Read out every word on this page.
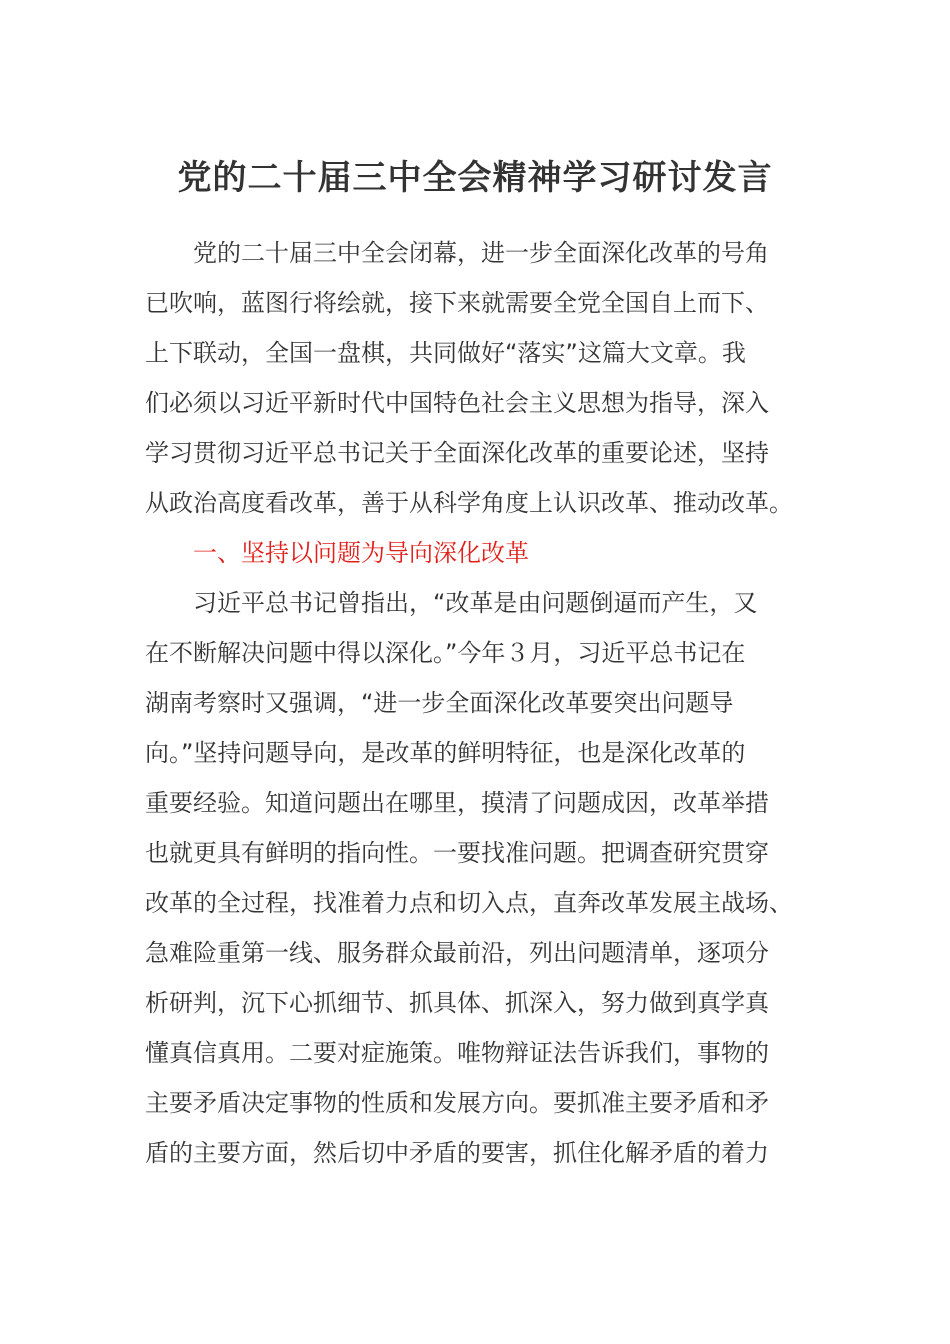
党的二十届三中全会精神学习研讨发言

党的二十届三中全会闭幕，进一步全面深化改革的号角

已吹响，蓝图行将绘就，接下来就需要全党全国自上而下、

上下联动，全国一盘棋，共同做好“落实”这篇大文章。我

们必须以习近平新时代中国特色社会主义思想为指导，深入

学习贯彻习近平总书记关于全面深化改革的重要论述，坚持

从政治高度看改革，善于从科学角度上认识改革、推动改革。

一、坚持以问题为导向深化改革

习近平总书记曾指出，“改革是由问题倒逼而产生，又

在不断解决问题中得以深化。”今年３月，习近平总书记在

湖南考察时又强调，“进一步全面深化改革要突出问题导

向。”坚持问题导向，是改革的鲜明特征，也是深化改革的

重要经验。知道问题出在哪里，摸清了问题成因，改革举措

也就更具有鲜明的指向性。一要找准问题。把调查研究贯穿

改革的全过程，找准着力点和切入点，直奔改革发展主战场、

急难险重第一线、服务群众最前沿，列出问题清单，逐项分

析研判，沉下心抓细节、抓具体、抓深入，努力做到真学真

懂真信真用。二要对症施策。唯物辩证法告诉我们，事物的

主要矛盾决定事物的性质和发展方向。要抓准主要矛盾和矛

盾的主要方面，然后切中矛盾的要害，抓住化解矛盾的着力
